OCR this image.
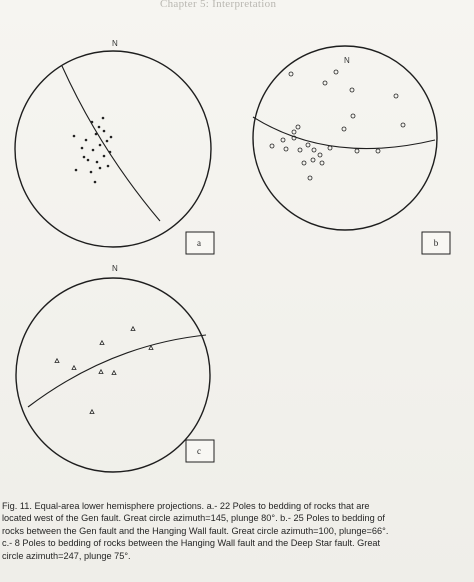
Chapter 5: Interpretation
N
a
N
b
N
c
Fig. 11. Equal-area lower hemisphere projections. a.- 22 Poles to bedding of rocks that are
located west of the Gen fault. Great circle azimuth=145, plunge 80°. b.- 25 Poles to bedding of
rocks between the Gen fault and the Hanging Wall fault. Great circle azimuth=100, plunge=66°.
c.- 8 Poles to bedding of rocks between the Hanging Wall fault and the Deep Star fault. Great
circle azimuth=247, plunge 75°.
